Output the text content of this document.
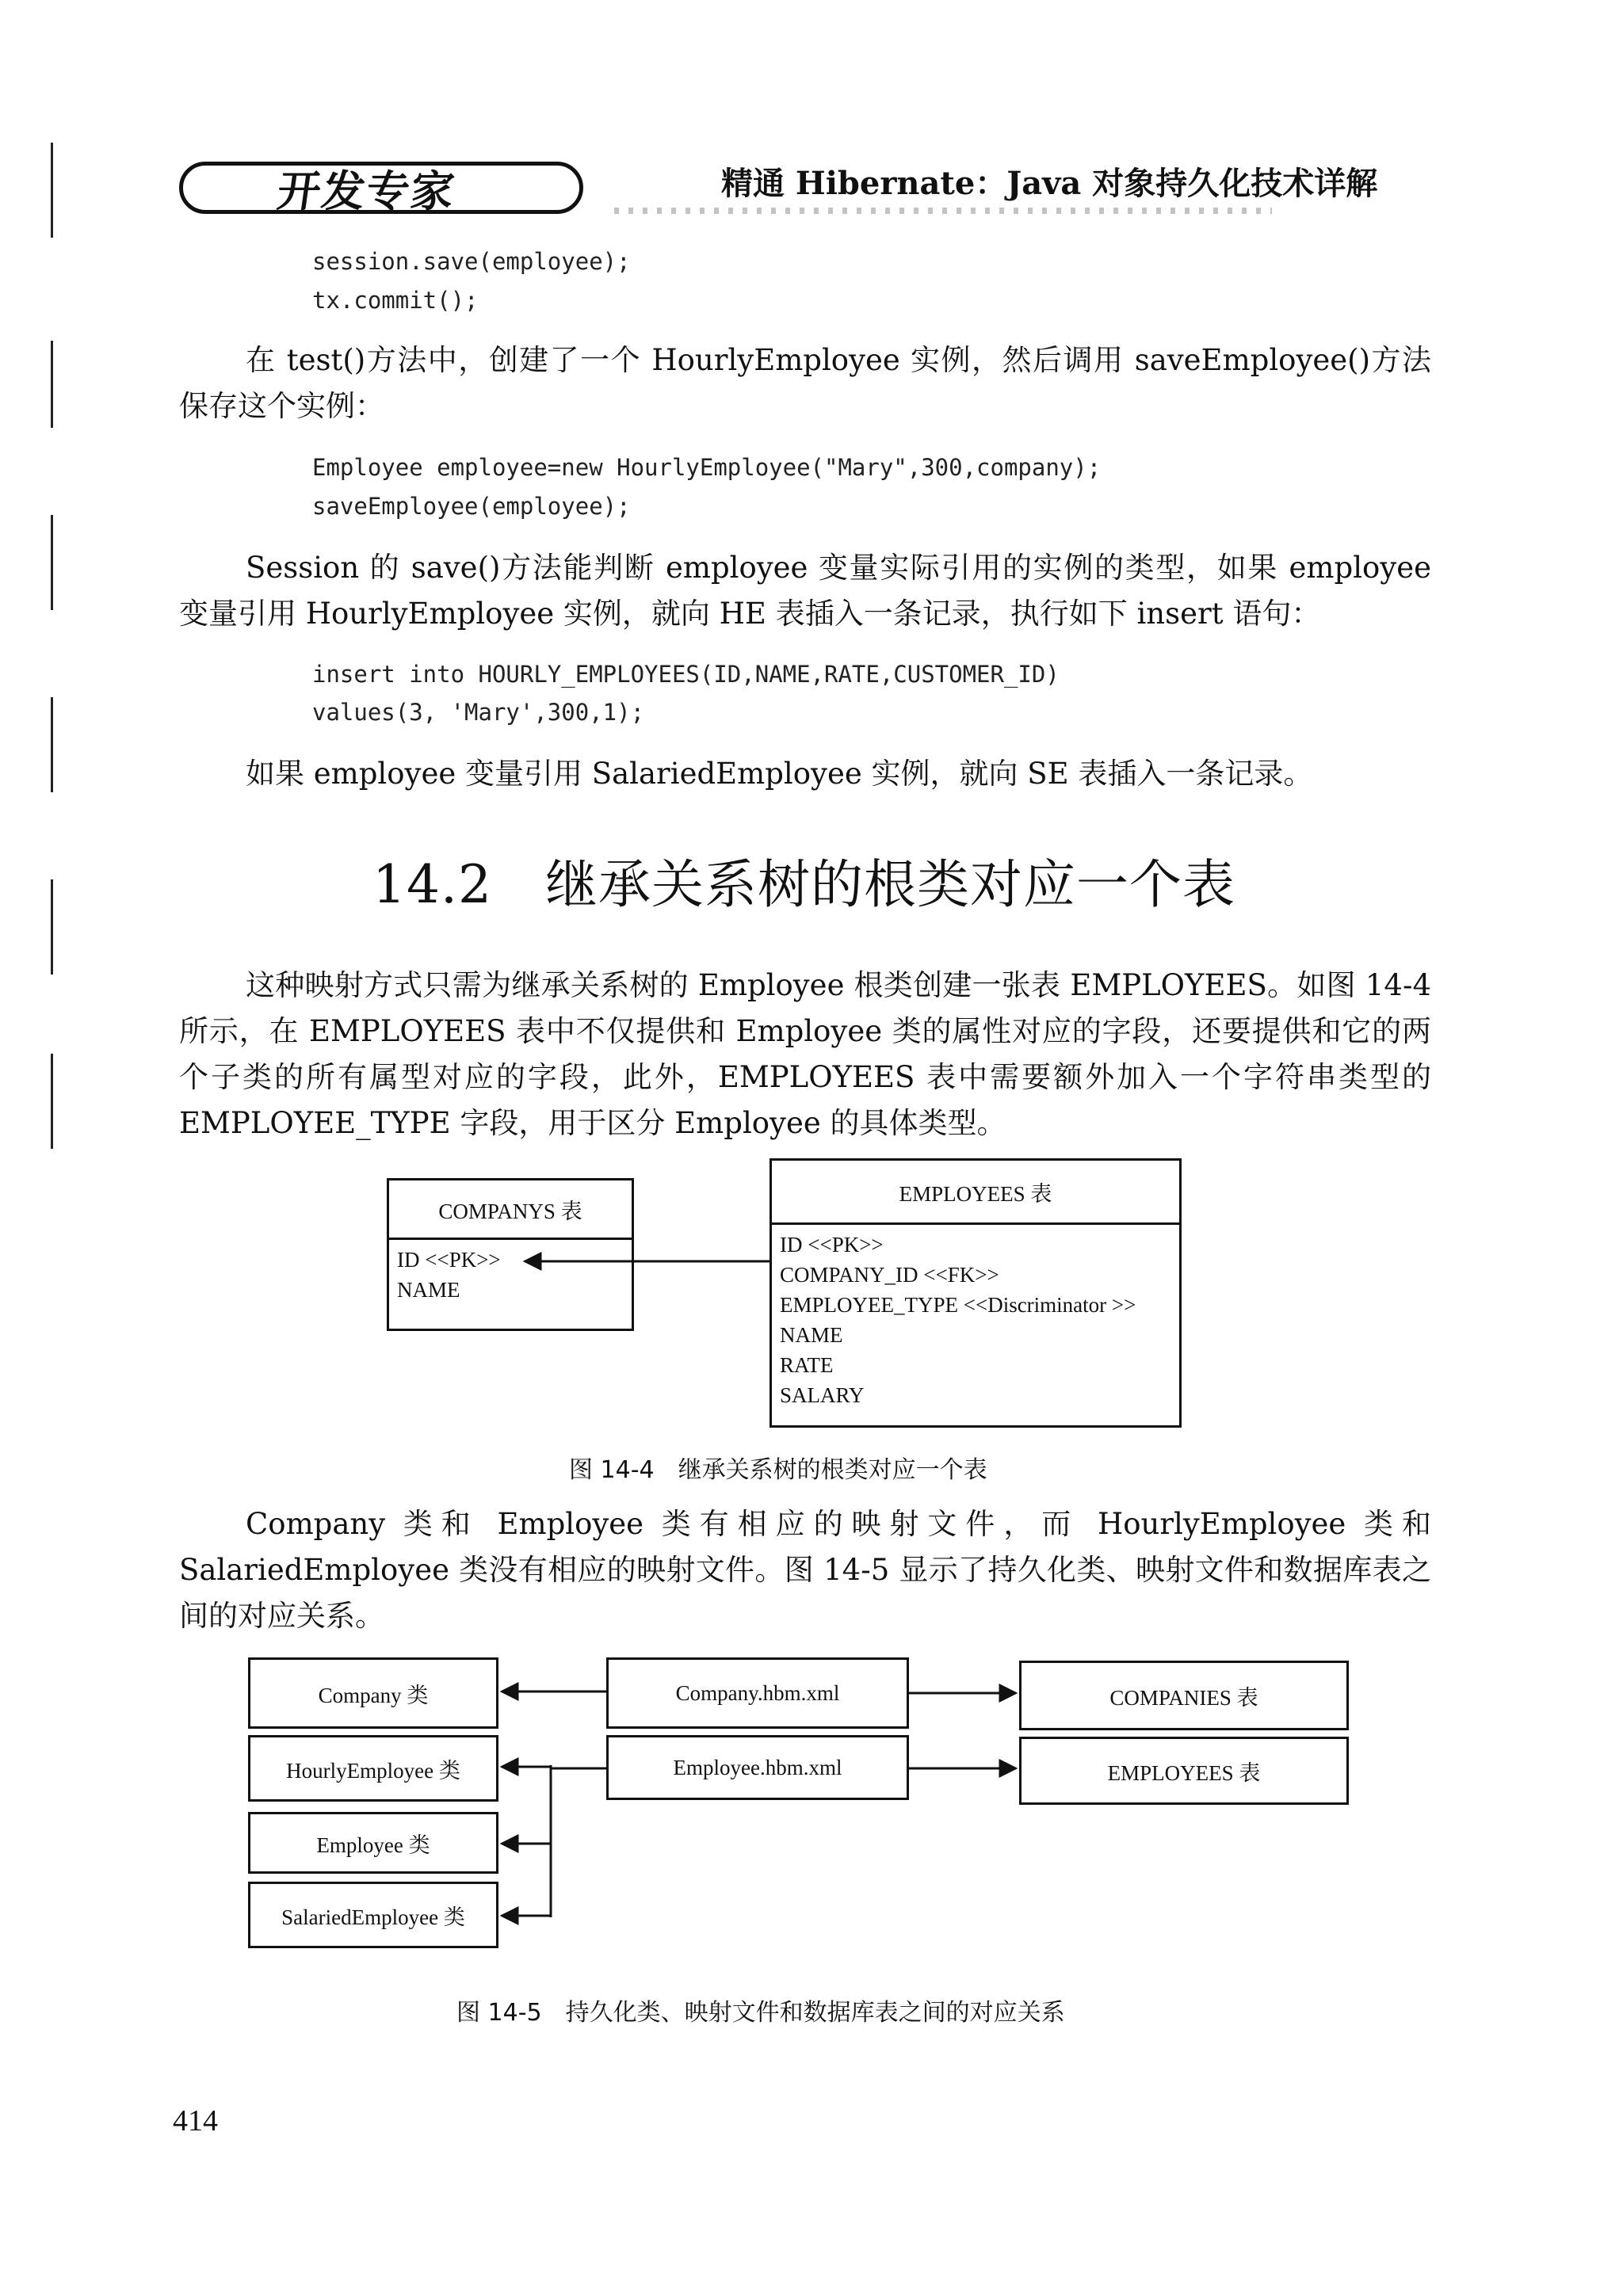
开发专家	精通 Hibernate：Java 对象持久化技术详解
session.save(employee);
tx.commit();
在 test()方法中，创建了一个 HourlyEmployee 实例，然后调用 saveEmployee()方法保存这个实例：
Employee employee=new HourlyEmployee("Mary",300,company);
saveEmployee(employee);
Session 的 save()方法能判断 employee 变量实际引用的实例的类型，如果 employee 变量引用 HourlyEmployee 实例，就向 HE 表插入一条记录，执行如下 insert 语句：
insert into HOURLY_EMPLOYEES(ID,NAME,RATE,CUSTOMER_ID)
values(3, 'Mary',300,1);
如果 employee 变量引用 SalariedEmployee 实例，就向 SE 表插入一条记录。
14.2　继承关系树的根类对应一个表
这种映射方式只需为继承关系树的 Employee 根类创建一张表 EMPLOYEES。如图 14-4 所示，在 EMPLOYEES 表中不仅提供和 Employee 类的属性对应的字段，还要提供和它的两个子类的所有属型对应的字段，此外，EMPLOYEES 表中需要额外加入一个字符串类型的 EMPLOYEE_TYPE 字段，用于区分 Employee 的具体类型。
COMPANYS 表
ID <<PK>>
NAME
EMPLOYEES 表
ID <<PK>>
COMPANY_ID <<FK>>
EMPLOYEE_TYPE <<Discriminator >>
NAME
RATE
SALARY
图 14-4　继承关系树的根类对应一个表
Company 类和 Employee 类有相应的映射文件，而 HourlyEmployee 类和 SalariedEmployee 类没有相应的映射文件。图 14-5 显示了持久化类、映射文件和数据库表之间的对应关系。
Company 类
HourlyEmployee 类
Employee 类
SalariedEmployee 类
Company.hbm.xml
Employee.hbm.xml
COMPANIES 表
EMPLOYEES 表
图 14-5　持久化类、映射文件和数据库表之间的对应关系
414
